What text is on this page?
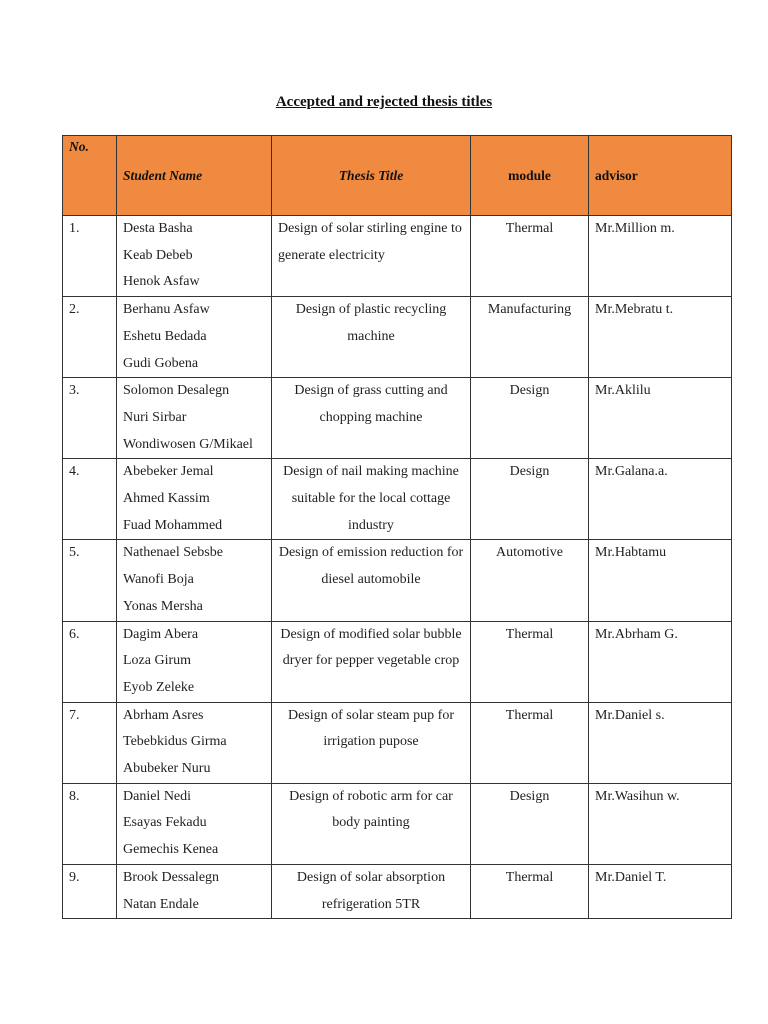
Accepted and rejected thesis titles
No.	Student Name	Thesis Title	module	advisor
1.	Desta Basha
Keab Debeb
Henok Asfaw	Design of solar stirling engine to generate electricity	Thermal	Mr.Million m.
2.	Berhanu Asfaw
Eshetu Bedada
Gudi Gobena	Design of plastic recycling machine	Manufacturing	Mr.Mebratu t.
3.	Solomon Desalegn
Nuri Sirbar
Wondiwosen G/Mikael	Design of grass cutting and chopping machine	Design	Mr.Aklilu
4.	Abebeker Jemal
Ahmed Kassim
Fuad Mohammed	Design of nail making machine suitable for the local cottage industry	Design	Mr.Galana.a.
5.	Nathenael Sebsbe
Wanofi Boja
Yonas Mersha	Design of emission reduction for diesel automobile	Automotive	Mr.Habtamu
6.	Dagim Abera
Loza Girum
Eyob Zeleke	Design of modified solar bubble dryer for pepper vegetable crop	Thermal	Mr.Abrham G.
7.	Abrham Asres
Tebebkidus Girma
Abubeker Nuru	Design of solar steam pup for irrigation pupose	Thermal	Mr.Daniel s.
8.	Daniel Nedi
Esayas Fekadu
Gemechis Kenea	Design of robotic arm for car body painting	Design	Mr.Wasihun w.
9.	Brook Dessalegn
Natan Endale	Design of solar absorption refrigeration 5TR	Thermal	Mr.Daniel T.
